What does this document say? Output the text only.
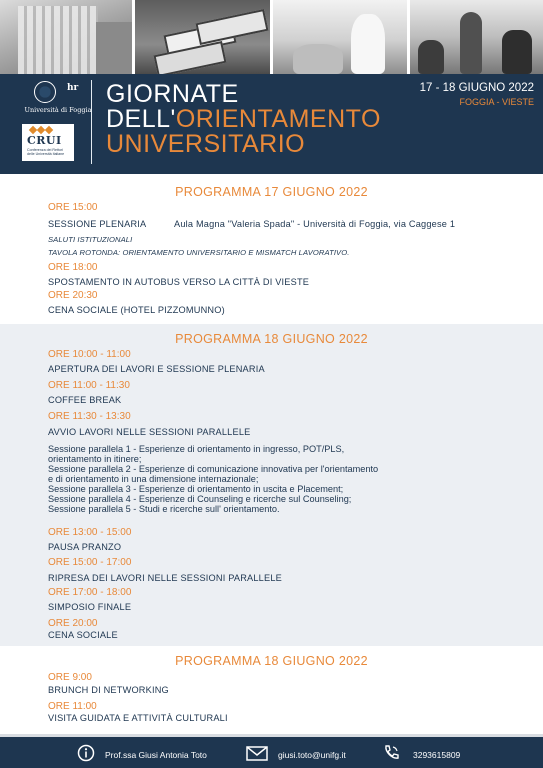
hr
Università di Foggia
CRUI
Conferenza dei Rettori delle Università Italiane
GIORNATE
DELL'ORIENTAMENTO
UNIVERSITARIO
17 - 18 GIUGNO 2022
FOGGIA - VIESTE
PROGRAMMA 17 GIUGNO 2022
ORE 15:00
SESSIONE PLENARIA	Aula Magna "Valeria Spada" - Università di Foggia, via Caggese 1
SALUTI ISTITUZIONALI
TAVOLA ROTONDA: ORIENTAMENTO UNIVERSITARIO E MISMATCH LAVORATIVO.
ORE 18:00
SPOSTAMENTO IN AUTOBUS VERSO LA CITTÀ DI VIESTE
ORE 20:30
CENA SOCIALE (HOTEL PIZZOMUNNO)
PROGRAMMA 18 GIUGNO 2022
ORE 10:00 - 11:00
APERTURA DEI LAVORI E SESSIONE PLENARIA
ORE 11:00 - 11:30
COFFEE BREAK
ORE 11:30 - 13:30
AVVIO LAVORI NELLE SESSIONI PARALLELE
Sessione parallela 1 - Esperienze di orientamento in ingresso, POT/PLS,
orientamento in itinere;
Sessione parallela 2 - Esperienze di comunicazione innovativa per l'orientamento
e di orientamento in una dimensione internazionale;
Sessione parallela 3 - Esperienze di orientamento in uscita e Placement;
Sessione parallela 4 - Esperienze di Counseling e ricerche sul Counseling;
Sessione parallela 5 - Studi e ricerche sull' orientamento.
ORE 13:00 - 15:00
PAUSA PRANZO
ORE 15:00 - 17:00
RIPRESA DEI LAVORI NELLE SESSIONI PARALLELE
ORE 17:00 - 18:00
SIMPOSIO FINALE
ORE 20:00
CENA SOCIALE
PROGRAMMA 18 GIUGNO 2022
ORE 9:00
BRUNCH DI NETWORKING
ORE 11:00
VISITA GUIDATA E ATTIVITÀ CULTURALI
Prof.ssa Giusi Antonia Toto	giusi.toto@unifg.it	3293615809
